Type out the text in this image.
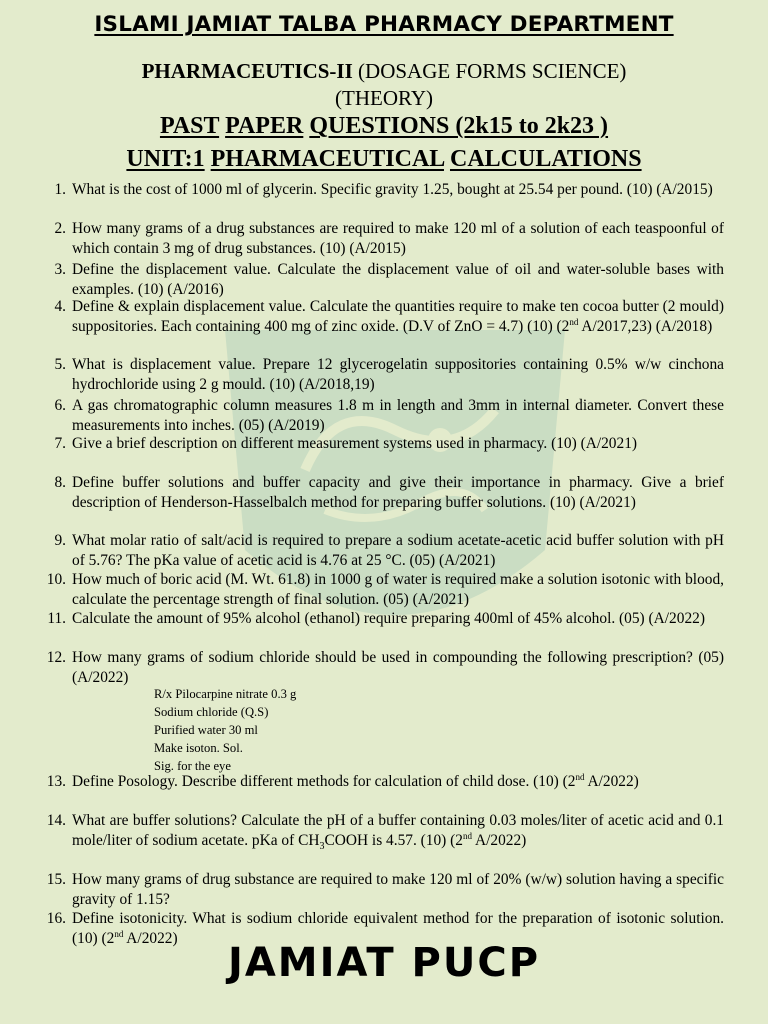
ISLAMI JAMIAT TALBA PHARMACY DEPARTMENT
PHARMACEUTICS-II (DOSAGE FORMS SCIENCE)
(THEORY)
PAST PAPER QUESTIONS (2k15 to 2k23 )
UNIT:1 PHARMACEUTICAL CALCULATIONS
1. What is the cost of 1000 ml of glycerin. Specific gravity 1.25, bought at 25.54 per pound. (10) (A/2015)
2. How many grams of a drug substances are required to make 120 ml of a solution of each teaspoonful of which contain 3 mg of drug substances. (10) (A/2015)
3. Define the displacement value. Calculate the displacement value of oil and water-soluble bases with examples. (10) (A/2016)
4. Define & explain displacement value. Calculate the quantities require to make ten cocoa butter (2 mould) suppositories. Each containing 400 mg of zinc oxide. (D.V of ZnO = 4.7) (10) (2nd A/2017,23) (A/2018)
5. What is displacement value. Prepare 12 glycerogelatin suppositories containing 0.5% w/w cinchona hydrochloride using 2 g mould. (10) (A/2018,19)
6. A gas chromatographic column measures 1.8 m in length and 3mm in internal diameter. Convert these measurements into inches. (05) (A/2019)
7. Give a brief description on different measurement systems used in pharmacy. (10) (A/2021)
8. Define buffer solutions and buffer capacity and give their importance in pharmacy. Give a brief description of Henderson-Hasselbalch method for preparing buffer solutions. (10) (A/2021)
9. What molar ratio of salt/acid is required to prepare a sodium acetate-acetic acid buffer solution with pH of 5.76? The pKa value of acetic acid is 4.76 at 25 °C. (05) (A/2021)
10. How much of boric acid (M. Wt. 61.8) in 1000 g of water is required make a solution isotonic with blood, calculate the percentage strength of final solution. (05) (A/2021)
11. Calculate the amount of 95% alcohol (ethanol) require preparing 400ml of 45% alcohol. (05) (A/2022)
12. How many grams of sodium chloride should be used in compounding the following prescription? (05) (A/2022)
R/x Pilocarpine nitrate 0.3 g
Sodium chloride (Q.S)
Purified water 30 ml
Make isoton. Sol.
Sig. for the eye
13. Define Posology. Describe different methods for calculation of child dose. (10) (2nd A/2022)
14. What are buffer solutions? Calculate the pH of a buffer containing 0.03 moles/liter of acetic acid and 0.1 mole/liter of sodium acetate. pKa of $CH_3COOH$ is 4.57. (10) (2nd A/2022)
15. How many grams of drug substance are required to make 120 ml of 20% (w/w) solution having a specific gravity of 1.15?
16. Define isotonicity. What is sodium chloride equivalent method for the preparation of isotonic solution. (10) (2nd A/2022)
JAMIAT PUCP
